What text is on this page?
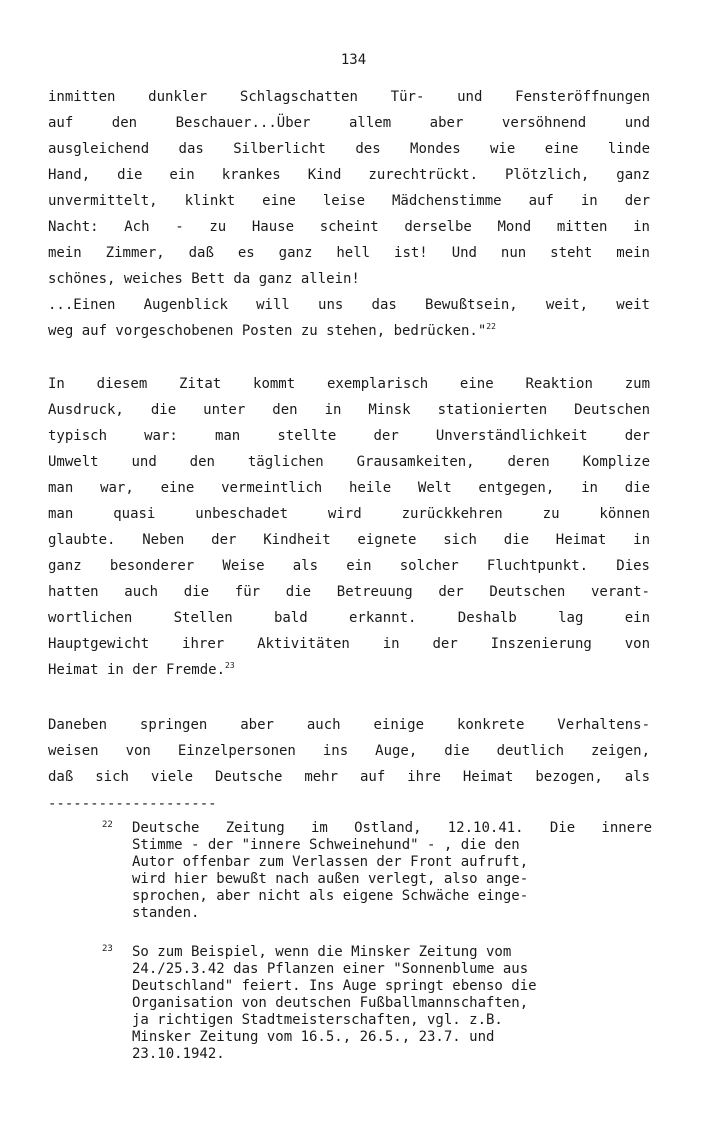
134
inmitten dunkler Schlagschatten Tür- und Fensteröffnungen
auf den Beschauer...Über allem aber versöhnend und
ausgleichend das Silberlicht des Mondes wie eine linde
Hand, die ein krankes Kind zurechtrückt. Plötzlich, ganz
unvermittelt, klinkt eine leise Mädchenstimme auf in der
Nacht: Ach - zu Hause scheint derselbe Mond mitten in
mein Zimmer, daß es ganz hell ist! Und nun steht mein
schönes, weiches Bett da ganz allein!
...Einen Augenblick will uns das Bewußtsein, weit, weit
weg auf vorgeschobenen Posten zu stehen, bedrücken."$^{22}$
In diesem Zitat kommt exemplarisch eine Reaktion zum
Ausdruck, die unter den in Minsk stationierten Deutschen
typisch war: man stellte der Unverständlichkeit der
Umwelt und den täglichen Grausamkeiten, deren Komplize
man war, eine vermeintlich heile Welt entgegen, in die
man quasi unbeschadet wird zurückkehren zu können
glaubte. Neben der Kindheit eignete sich die Heimat in
ganz besonderer Weise als ein solcher Fluchtpunkt. Dies
hatten auch die für die Betreuung der Deutschen verant-
wortlichen Stellen bald erkannt. Deshalb lag ein
Hauptgewicht ihrer Aktivitäten in der Inszenierung von
Heimat in der Fremde.$^{23}$
Daneben springen aber auch einige konkrete Verhaltens-
weisen von Einzelpersonen ins Auge, die deutlich zeigen,
daß sich viele Deutsche mehr auf ihre Heimat bezogen, als
--------------------
22 Deutsche Zeitung im Ostland, 12.10.41. Die innere
Stimme - der "innere Schweinehund" - , die den
Autor offenbar zum Verlassen der Front aufruft,
wird hier bewußt nach außen verlegt, also ange-
sprochen, aber nicht als eigene Schwäche einge-
standen.
23 So zum Beispiel, wenn die Minsker Zeitung vom
24./25.3.42 das Pflanzen einer "Sonnenblume aus
Deutschland" feiert. Ins Auge springt ebenso die
Organisation von deutschen Fußballmannschaften,
ja richtigen Stadtmeisterschaften, vgl. z.B.
Minsker Zeitung vom 16.5., 26.5., 23.7. und
23.10.1942.
